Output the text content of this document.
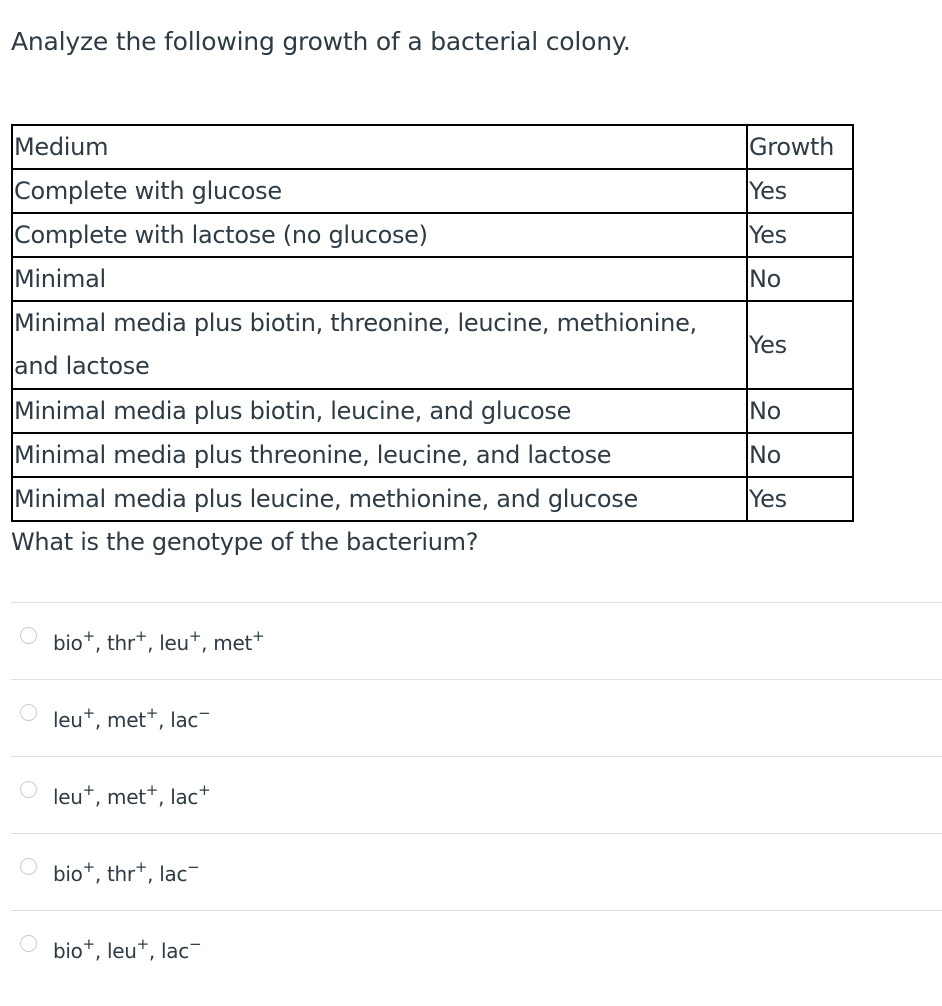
Analyze the following growth of a bacterial colony.
Medium	Growth
Complete with glucose	Yes
Complete with lactose (no glucose)	Yes
Minimal	No
Minimal media plus biotin, threonine, leucine, methionine, and lactose	Yes
Minimal media plus biotin, leucine, and glucose	No
Minimal media plus threonine, leucine, and lactose	No
Minimal media plus leucine, methionine, and glucose	Yes
What is the genotype of the bacterium?
bio+, thr+, leu+, met+
leu+, met+, lac−
leu+, met+, lac+
bio+, thr+, lac−
bio+, leu+, lac−
